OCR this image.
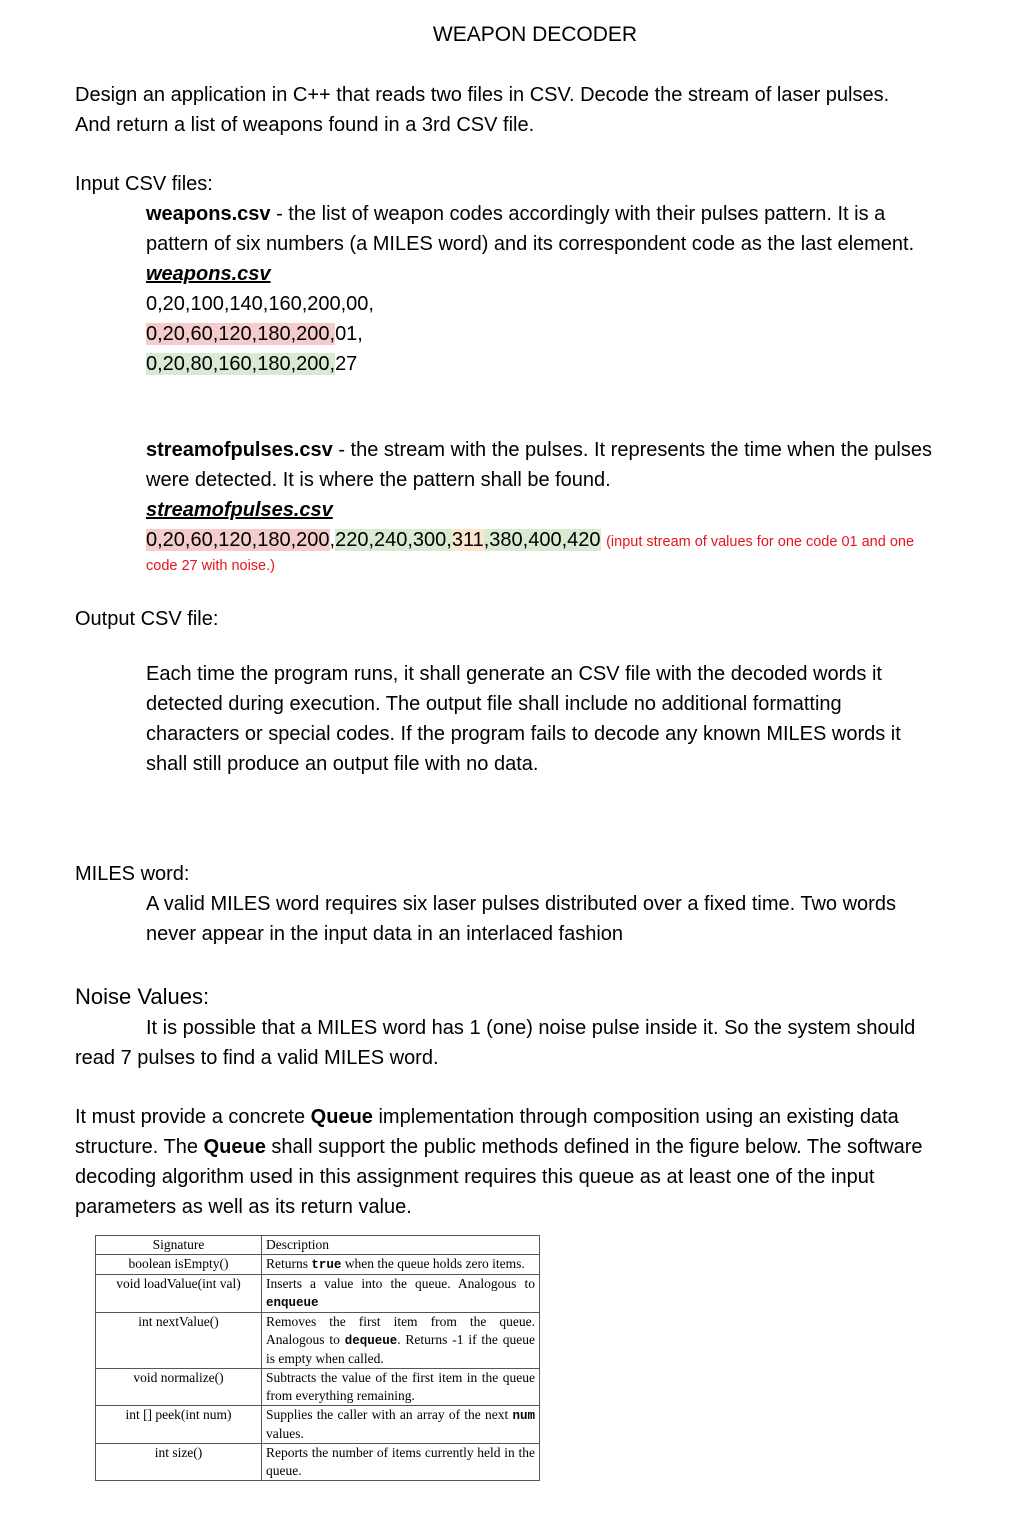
WEAPON DECODER
Design an application in C++ that reads two files in CSV. Decode the stream of laser pulses.
And return a list of weapons found in a 3rd CSV file.
Input CSV files:
weapons.csv - the list of weapon codes accordingly with their pulses pattern. It is a
pattern of six numbers (a MILES word) and its correspondent code as the last element.
weapons.csv
0,20,100,140,160,200,00,
0,20,60,120,180,200,01,
0,20,80,160,180,200,27
streamofpulses.csv - the stream with the pulses. It represents the time when the pulses
were detected. It is where the pattern shall be found.
streamofpulses.csv
0,20,60,120,180,200,220,240,300,311,380,400,420 (input stream of values for one code 01 and one
code 27 with noise.)
Output CSV file:
Each time the program runs, it shall generate an CSV file with the decoded words it
detected during execution. The output file shall include no additional formatting
characters or special codes. If the program fails to decode any known MILES words it
shall still produce an output file with no data.
MILES word:
A valid MILES word requires six laser pulses distributed over a fixed time. Two words
never appear in the input data in an interlaced fashion
Noise Values:
It is possible that a MILES word has 1 (one) noise pulse inside it. So the system should
read 7 pulses to find a valid MILES word.
It must provide a concrete Queue implementation through composition using an existing data
structure. The Queue shall support the public methods defined in the figure below. The software
decoding algorithm used in this assignment requires this queue as at least one of the input
parameters as well as its return value.
Signature	Description
boolean isEmpty()	Returns true when the queue holds zero items.
void loadValue(int val)	Inserts a value into the queue. Analogous to enqueue
int nextValue()	Removes the first item from the queue. Analogous to dequeue. Returns -1 if the queue is empty when called.
void normalize()	Subtracts the value of the first item in the queue from everything remaining.
int [] peek(int num)	Supplies the caller with an array of the next num values.
int size()	Reports the number of items currently held in the queue.
